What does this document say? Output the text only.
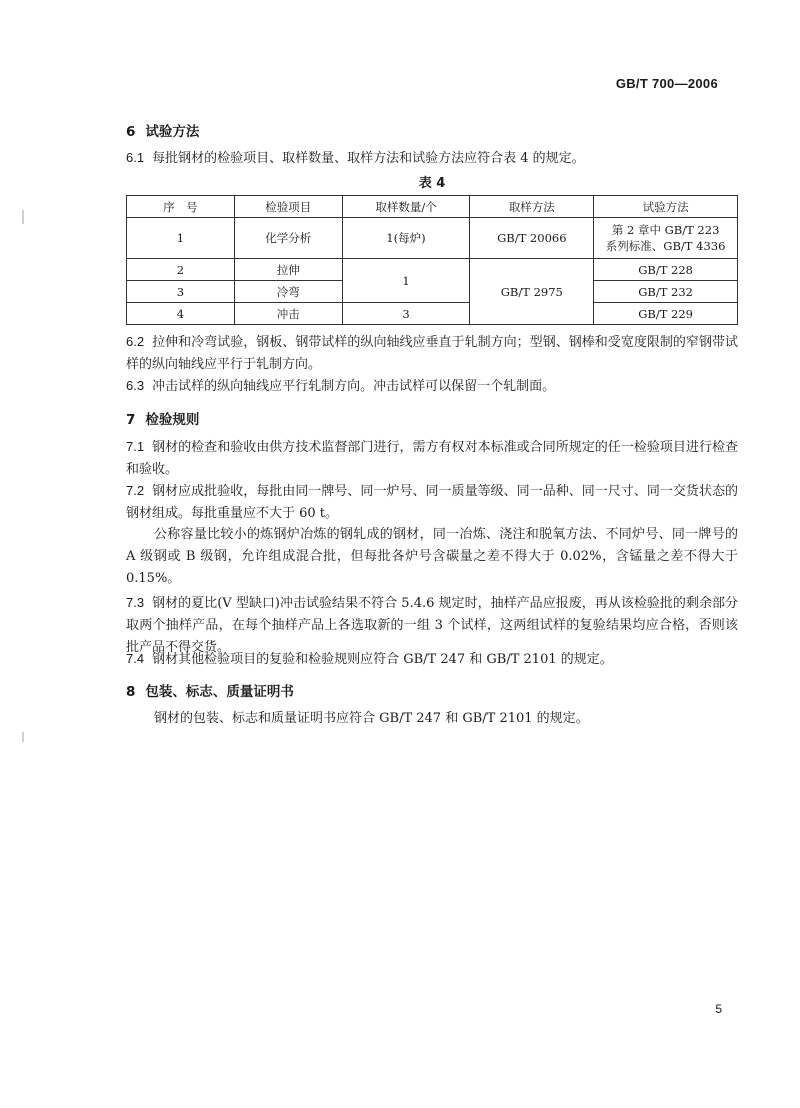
GB/T 700—2006
6 试验方法
6.1 每批钢材的检验项目、取样数量、取样方法和试验方法应符合表 4 的规定。
表 4
序　号	检验项目	取样数量/个	取样方法	试验方法
1	化学分析	1(每炉)	GB/T 20066	第 2 章中 GB/T 223
系列标准、GB/T 4336

2	拉伸	1	GB/T 2975	GB/T 228
3	冷弯			GB/T 232
4	冲击	3		GB/T 229
6.2 拉伸和冷弯试验，钢板、钢带试样的纵向轴线应垂直于轧制方向；型钢、钢棒和受宽度限制的窄钢带试样的纵向轴线应平行于轧制方向。
6.3 冲击试样的纵向轴线应平行轧制方向。冲击试样可以保留一个轧制面。
7 检验规则
7.1 钢材的检查和验收由供方技术监督部门进行，需方有权对本标准或合同所规定的任一检验项目进行检查和验收。
7.2 钢材应成批验收，每批由同一牌号、同一炉号、同一质量等级、同一品种、同一尺寸、同一交货状态的钢材组成。每批重量应不大于 60 t。
公称容量比较小的炼钢炉冶炼的钢轧成的钢材，同一冶炼、浇注和脱氧方法、不同炉号、同一牌号的 A 级钢或 B 级钢，允许组成混合批，但每批各炉号含碳量之差不得大于 0.02%，含锰量之差不得大于 0.15%。
7.3 钢材的夏比(V 型缺口)冲击试验结果不符合 5.4.6 规定时，抽样产品应报废，再从该检验批的剩余部分取两个抽样产品，在每个抽样产品上各选取新的一组 3 个试样，这两组试样的复验结果均应合格，否则该批产品不得交货。
7.4 钢材其他检验项目的复验和检验规则应符合 GB/T 247 和 GB/T 2101 的规定。
8 包装、标志、质量证明书
钢材的包装、标志和质量证明书应符合 GB/T 247 和 GB/T 2101 的规定。
5
